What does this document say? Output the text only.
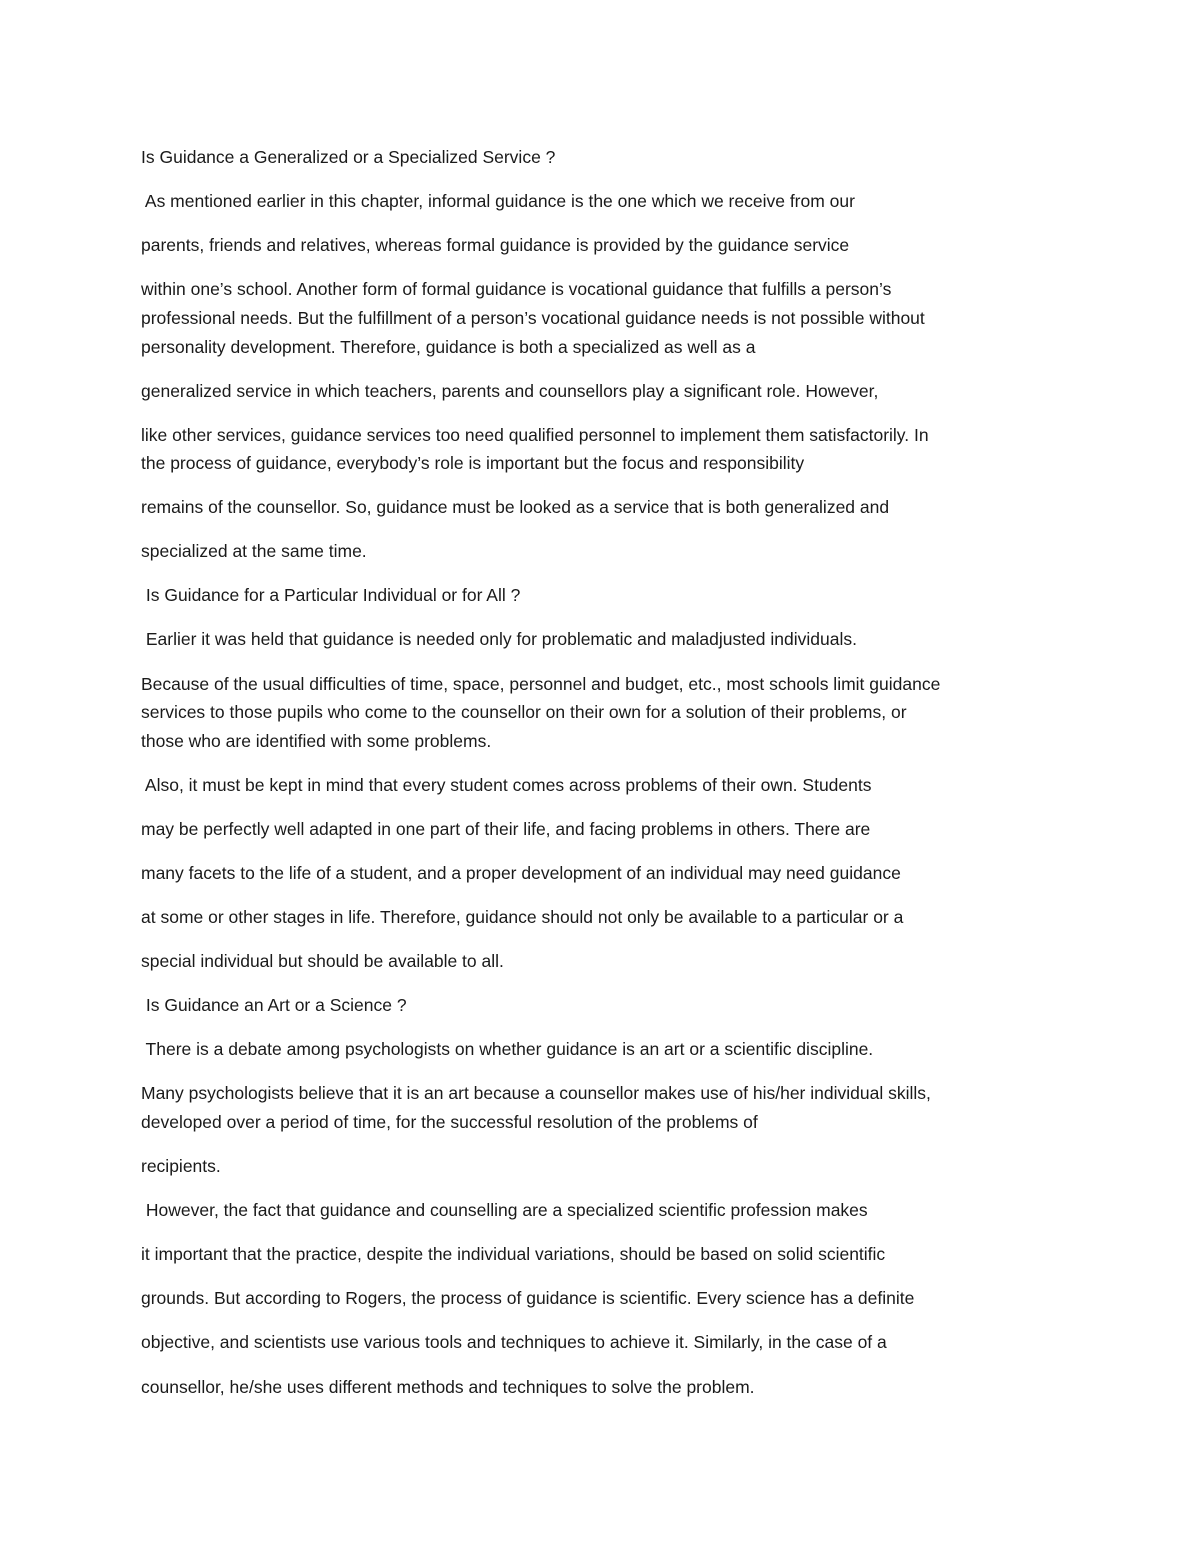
Is Guidance a Generalized or a Specialized Service ?
As mentioned earlier in this chapter, informal guidance is the one which we receive from our
parents, friends and relatives, whereas formal guidance is provided by the guidance service
within one’s school. Another form of formal guidance is vocational guidance that fulfills a person’s
professional needs. But the fulfillment of a person’s vocational guidance needs is not possible without
personality development. Therefore, guidance is both a specialized as well as a
generalized service in which teachers, parents and counsellors play a significant role. However,
like other services, guidance services too need qualified personnel to implement them satisfactorily. In
the process of guidance, everybody’s role is important but the focus and responsibility
remains of the counsellor. So, guidance must be looked as a service that is both generalized and
specialized at the same time.
Is Guidance for a Particular Individual or for All ?
Earlier it was held that guidance is needed only for problematic and maladjusted individuals.
Because of the usual difficulties of time, space, personnel and budget, etc., most schools limit guidance
services to those pupils who come to the counsellor on their own for a solution of their problems, or
those who are identified with some problems.
Also, it must be kept in mind that every student comes across problems of their own. Students
may be perfectly well adapted in one part of their life, and facing problems in others. There are
many facets to the life of a student, and a proper development of an individual may need guidance
at some or other stages in life. Therefore, guidance should not only be available to a particular or a
special individual but should be available to all.
Is Guidance an Art or a Science ?
There is a debate among psychologists on whether guidance is an art or a scientific discipline.
Many psychologists believe that it is an art because a counsellor makes use of his/her individual skills,
developed over a period of time, for the successful resolution of the problems of
recipients.
However, the fact that guidance and counselling are a specialized scientific profession makes
it important that the practice, despite the individual variations, should be based on solid scientific
grounds. But according to Rogers, the process of guidance is scientific. Every science has a definite
objective, and scientists use various tools and techniques to achieve it. Similarly, in the case of a
counsellor, he/she uses different methods and techniques to solve the problem.
